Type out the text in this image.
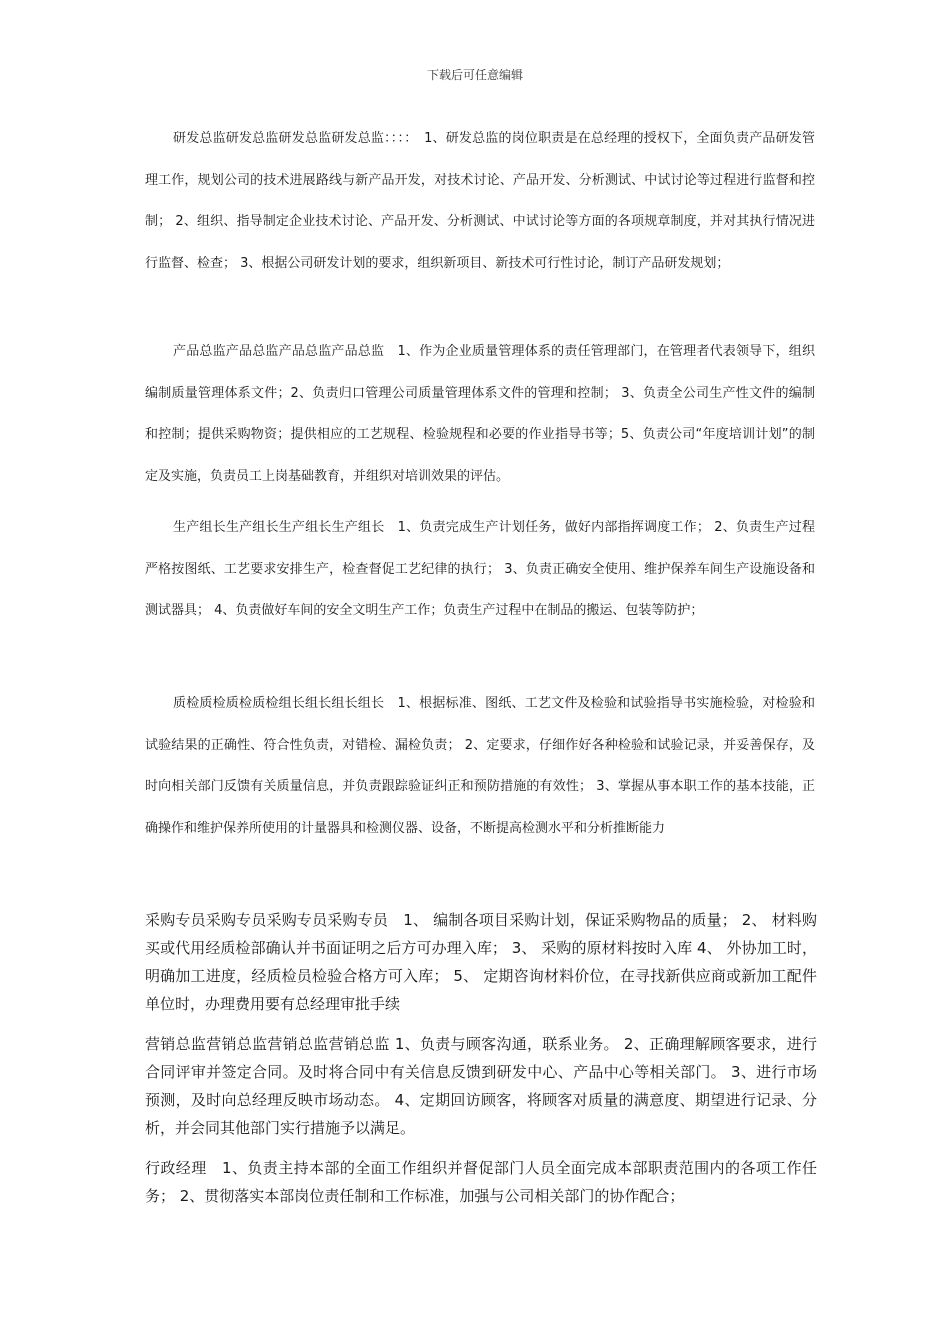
下载后可任意编辑

研发总监研发总监研发总监研发总监：：：：　1、研发总监的岗位职责是在总经理的授权下，全面负责产品研发管理工作，规划公司的技术进展路线与新产品开发，对技术讨论、产品开发、分析测试、中试讨论等过程进行监督和控制； 2、组织、指导制定企业技术讨论、产品开发、分析测试、中试讨论等方面的各项规章制度，并对其执行情况进行监督、检查； 3、根据公司研发计划的要求，组织新项目、新技术可行性讨论，制订产品研发规划；

产品总监产品总监产品总监产品总监　1、作为企业质量管理体系的责任管理部门，在管理者代表领导下，组织编制质量管理体系文件；2、负责归口管理公司质量管理体系文件的管理和控制； 3、负责全公司生产性文件的编制和控制；提供采购物资；提供相应的工艺规程、检验规程和必要的作业指导书等；5、负责公司“年度培训计划”的制定及实施，负责员工上岗基础教育，并组织对培训效果的评估。

生产组长生产组长生产组长生产组长　1、负责完成生产计划任务，做好内部指挥调度工作； 2、负责生产过程严格按图纸、工艺要求安排生产，检查督促工艺纪律的执行； 3、负责正确安全使用、维护保养车间生产设施设备和测试器具； 4、负责做好车间的安全文明生产工作；负责生产过程中在制品的搬运、包装等防护；

质检质检质检质检组长组长组长组长　1、根据标准、图纸、工艺文件及检验和试验指导书实施检验，对检验和试验结果的正确性、符合性负责，对错检、漏检负责； 2、定要求，仔细作好各种检验和试验记录，并妥善保存，及时向相关部门反馈有关质量信息，并负责跟踪验证纠正和预防措施的有效性； 3、掌握从事本职工作的基本技能，正确操作和维护保养所使用的计量器具和检测仪器、设备，不断提高检测水平和分析推断能力

采购专员采购专员采购专员采购专员　1、 编制各项目采购计划，保证采购物品的质量； 2、 材料购买或代用经质检部确认并书面证明之后方可办理入库； 3、 采购的原材料按时入库 4、 外协加工时，明确加工进度，经质检员检验合格方可入库； 5、 定期咨询材料价位，在寻找新供应商或新加工配件单位时，办理费用要有总经理审批手续

营销总监营销总监营销总监营销总监 1、负责与顾客沟通，联系业务。 2、正确理解顾客要求，进行合同评审并签定合同。及时将合同中有关信息反馈到研发中心、产品中心等相关部门。 3、进行市场预测，及时向总经理反映市场动态。 4、定期回访顾客，将顾客对质量的满意度、期望进行记录、分析，并会同其他部门实行措施予以满足。

行政经理　1、负责主持本部的全面工作组织并督促部门人员全面完成本部职责范围内的各项工作任务； 2、贯彻落实本部岗位责任制和工作标准，加强与公司相关部门的协作配合；
